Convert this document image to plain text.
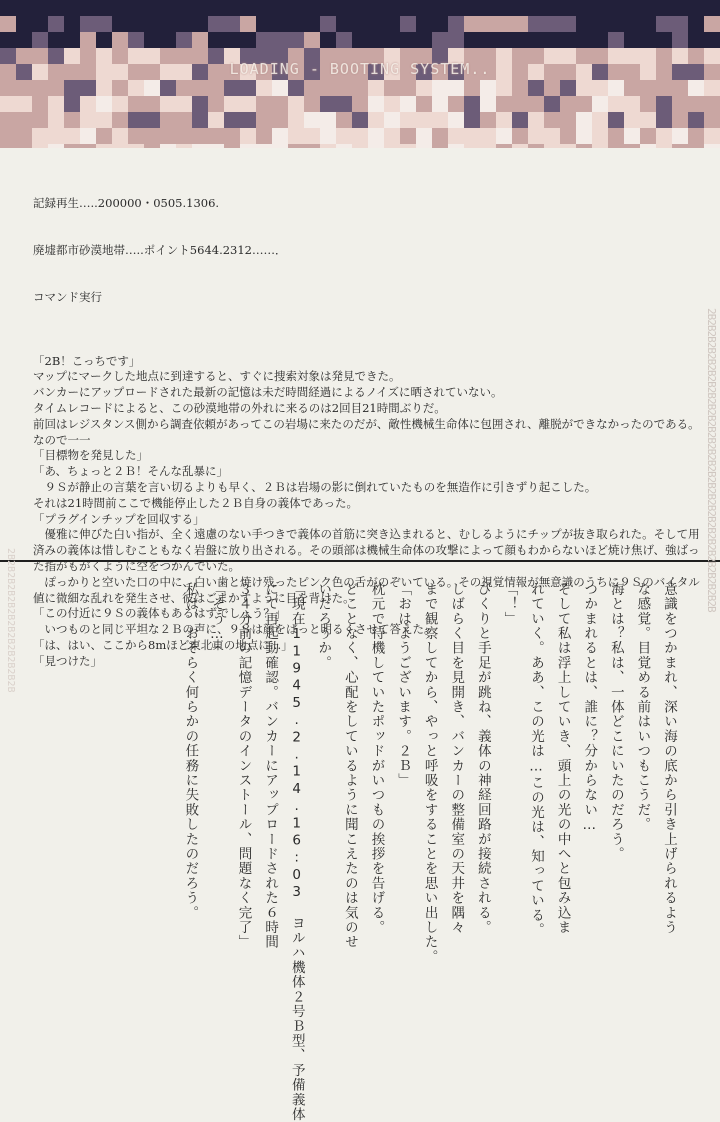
LOADING - BOOTING SYSTEM..

記録再生…..200000・0505.1306.

廃墟都市砂漠地帯…..ポイント5644.2312……．

コマンド実行

「2B！こっちです」
マップにマークした地点に到達すると、すぐに捜索対象は発見できた。
バンカーにアップロードされた最新の記憶は未だ時間経過によるノイズに晒されていない。
タイムレコードによると、この砂漠地帯の外れに来るのは2回目21時間ぶりだ。
前回はレジスタンス側から調査依頼があってこの岩場に来たのだが、敵性機械生命体に包囲され、離脱ができなかったのである。なので一一
「目標物を発見した」
「あ、ちょっと２Ｂ！そんな乱暴に」
　９Ｓが静止の言葉を言い切るよりも早く、２Ｂは岩場の影に倒れていたものを無造作に引きずり起こした。
それは21時間前ここで機能停止した２Ｂ自身の義体であった。
「プラグインチップを回収する」
　優雅に伸びた白い指が、全く遠慮のない手つきで義体の首筋に突き込まれると、むしるようにチップが抜き取られた。そして用済みの義体は惜しむこともなく岩盤に放り出される。その頭部は機械生命体の攻撃によって顔もわからないほど焼け焦げ、強ばった指がもがくように空をつかんでいた。
　ぽっかりと空いた口の中に、白い歯と焼け残ったピンク色の舌がのぞいている。その視覚情報が無意識のうちに９Ｓのバイタル値に微細な乱れを発生させ、彼はごまかすように目を背けた。
「この付近に９Ｓの義体もあるはずでしょう？」
　いつものと同じ平坦な２Ｂの声に、９Ｓは顔をぱっと明るくさせて答えた。
「は、はい、ここから8mほど東北東の地点に…」
「見つけた」

2B2B2B2B2B2B2B2B2B2B2B2B2B2B2B2B2B2B2B2B2B2B2B2B2B2B2B
2B2B2B2B2B2B2B2B2B2B2B2B	意識をつかまれ、深い海の底から引き上げられるよう
な感覚。目覚める前はいつもこうだ。
海とは？私は、一体どこにいたのだろう。
つかまれるとは、誰に？分からない…
そして私は浮上していき、頭上の光の中へと包み込ま
れていく。ああ、この光は…この光は、知っている。
「！」
びくりと手足が跳ね、義体の神経回路が接続される。
しばらく目を見開き、バンカーの整備室の天井を隅々
まで観察してから、やっと呼吸をすることを思い出した。
「おはようございます。２Ｂ」
枕元で待機していたポッドがいつもの挨拶を告げる。
どことなく、心配をしているように聞こえたのは気のせ
いだろうか。
「現在11945.2.14.16:03　ヨルハ機体２号Ｂ型、予備義体
にて再起動確認。バンカーにアップロードされた６時間
３４分前の記憶データのインストール、問題なく完了」
「そう…」
私は、おそらく何らかの任務に失敗したのだろう。
